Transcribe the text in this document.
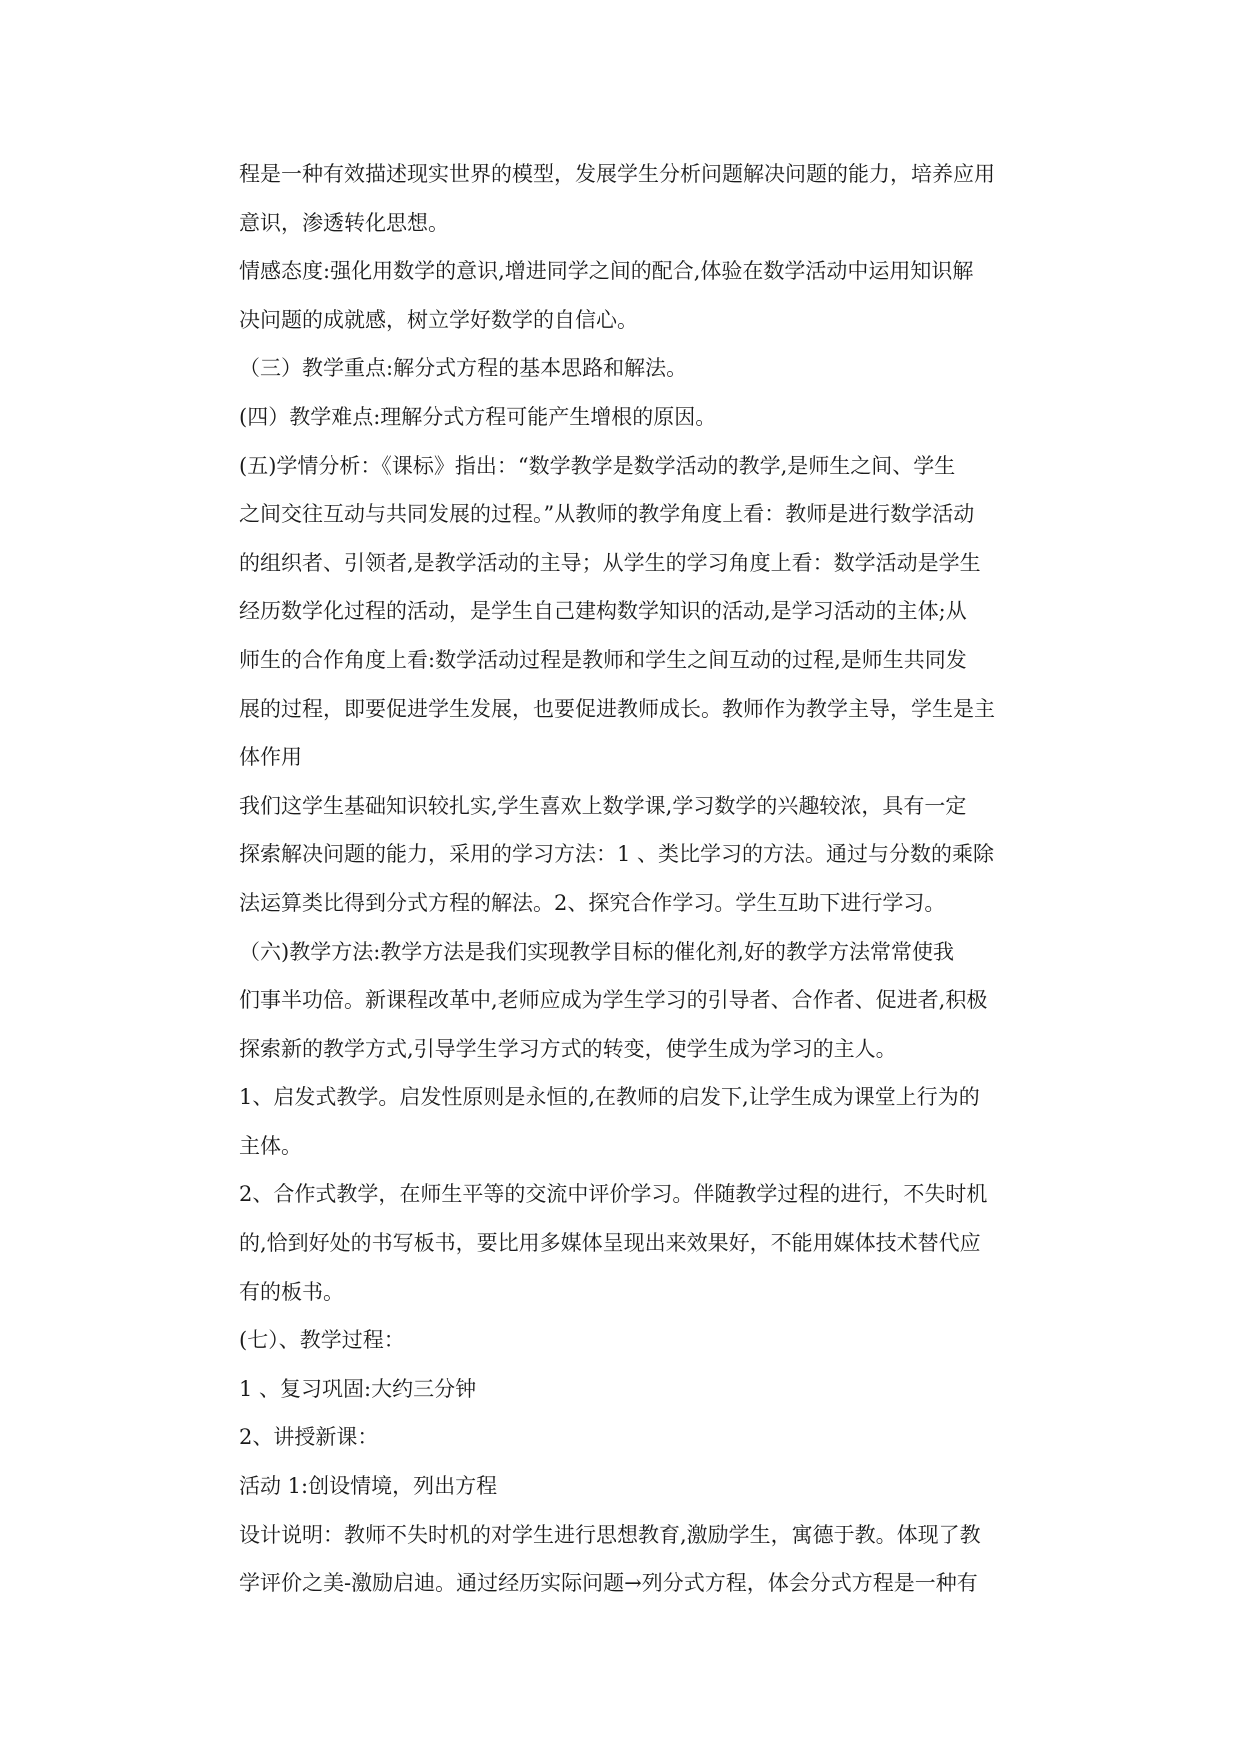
程是一种有效描述现实世界的模型，发展学生分析问题解决问题的能力，培养应用
意识，渗透转化思想。
情感态度:强化用数学的意识,增进同学之间的配合,体验在数学活动中运用知识解
决问题的成就感，树立学好数学的自信心。
（三）教学重点:解分式方程的基本思路和解法。
(四）教学难点:理解分式方程可能产生增根的原因。
(五)学情分析：《课标》指出：“数学教学是数学活动的教学,是师生之间、学生
之间交往互动与共同发展的过程。”从教师的教学角度上看：教师是进行数学活动
的组织者、引领者,是教学活动的主导；从学生的学习角度上看：数学活动是学生
经历数学化过程的活动，是学生自己建构数学知识的活动,是学习活动的主体;从
师生的合作角度上看:数学活动过程是教师和学生之间互动的过程,是师生共同发
展的过程，即要促进学生发展，也要促进教师成长。教师作为教学主导，学生是主
体作用
我们这学生基础知识较扎实,学生喜欢上数学课,学习数学的兴趣较浓，具有一定
探索解决问题的能力，采用的学习方法：1 、类比学习的方法。通过与分数的乘除
法运算类比得到分式方程的解法。2、探究合作学习。学生互助下进行学习。
（六)教学方法:教学方法是我们实现教学目标的催化剂,好的教学方法常常使我
们事半功倍。新课程改革中,老师应成为学生学习的引导者、合作者、促进者,积极
探索新的教学方式,引导学生学习方式的转变，使学生成为学习的主人。
1、启发式教学。启发性原则是永恒的,在教师的启发下,让学生成为课堂上行为的
主体。
2、合作式教学，在师生平等的交流中评价学习。伴随教学过程的进行，不失时机
的,恰到好处的书写板书，要比用多媒体呈现出来效果好，不能用媒体技术替代应
有的板书。
(七）、教学过程：
1 、复习巩固:大约三分钟
2、讲授新课：
活动 1:创设情境，列出方程
设计说明：教师不失时机的对学生进行思想教育,激励学生，寓德于教。体现了教
学评价之美-激励启迪。通过经历实际问题→列分式方程，体会分式方程是一种有
